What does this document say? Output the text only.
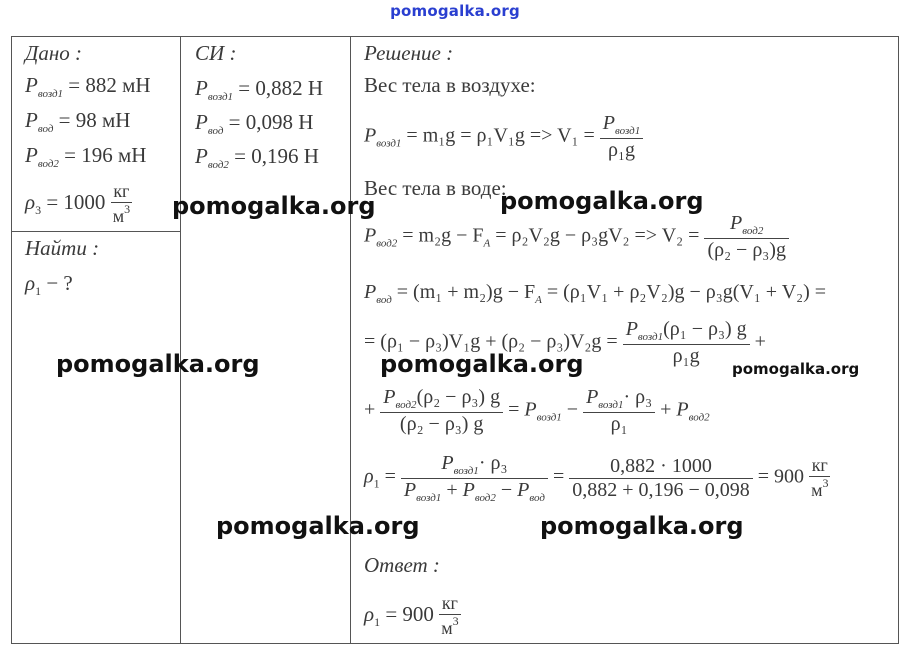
pomogalka.org
Дано :
$P_{возд1} = 882$ мН
$P_{вод} = 98$ мН
$P_{вод2} = 196$ мН
$\rho_3 = 1000$ кг
$м^3$
Найти :
$\rho_1$ − ?
СИ :
$P_{возд1} = 0,882$ Н
$P_{вод} = 0,098$ Н
$P_{вод2} = 0,196$ Н
Решение :
Вес тела в воздухе:
$P_{возд1} = m_1g = \rho_1V_1g => V_1 = \frac{P_{возд1}}{\text{ρ₁g}}$
Вес тела в воде:
$P_{вод2} = m_2g - F_A = \rho_2V_2g - \rho_3gV_2 => V_2 = \frac{P_{вод2}}{\text{(ρ₂ − ρ₃)g}}$
$P_{вод} = (m_1 + m_2)g - F_A = (\rho_1V_1 + \rho_2V_2)g - \rho_3g(V_1 + V_2)$ =
= $(\rho_1 - \rho_3)V_1g + (\rho_2 - \rho_3)V_2g = \frac{P_{возд1}(\rho_1 - \rho_3) g}{\text{ρ₁g}}$ +
+ $\frac{P_{вод2}(\rho_2 - \rho_3) g}{\text{(ρ₂ − ρ₃) g}} = P_{возд1} - \frac{P_{возд1}\cdot \rho_3}{\text{ρ₁}} + P_{вод2}$
$\rho_1 = \frac{P_{возд1}\cdot \rho_3}{P_{возд1} + P_{вод2} - P_{вод}} = \frac{0,882 \cdot 1000}{0,882 + 0,196 - 0,098} = 900$
кг
$м^3$
Ответ :
$\rho_1 = 900$ кг
$м^3$
pomogalka.org	pomogalka.org
pomogalka.org	pomogalka.org	pomogalka.org
pomogalka.org	pomogalka.org
